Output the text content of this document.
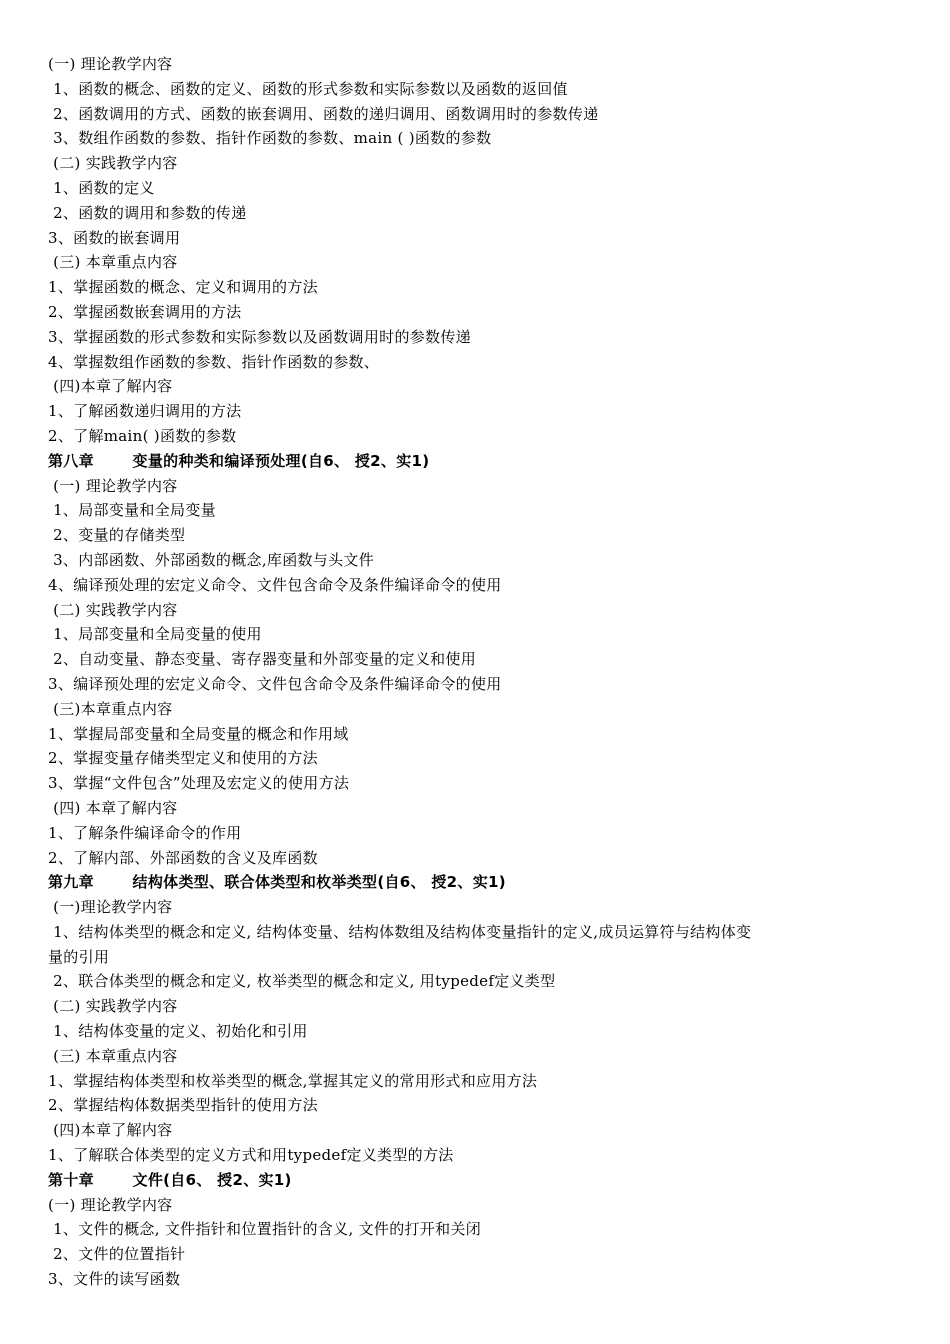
(一) 理论教学内容
1、函数的概念、函数的定义、函数的形式参数和实际参数以及函数的返回值
2、函数调用的方式、函数的嵌套调用、函数的递归调用、函数调用时的参数传递
3、数组作函数的参数、指针作函数的参数、main ( )函数的参数
(二) 实践教学内容
1、函数的定义
2、函数的调用和参数的传递
3、函数的嵌套调用
(三) 本章重点内容
1、掌握函数的概念、定义和调用的方法
2、掌握函数嵌套调用的方法
3、掌握函数的形式参数和实际参数以及函数调用时的参数传递
4、掌握数组作函数的参数、指针作函数的参数、
(四)本章了解内容
1、了解函数递归调用的方法
2、了解main( )函数的参数
第八章       变量的种类和编译预处理(自6、 授2、实1)
(一) 理论教学内容
1、局部变量和全局变量
2、变量的存储类型
3、内部函数、外部函数的概念,库函数与头文件
4、编译预处理的宏定义命令、文件包含命令及条件编译命令的使用
(二) 实践教学内容
1、局部变量和全局变量的使用
2、自动变量、静态变量、寄存器变量和外部变量的定义和使用
3、编译预处理的宏定义命令、文件包含命令及条件编译命令的使用
(三)本章重点内容
1、掌握局部变量和全局变量的概念和作用域
2、掌握变量存储类型定义和使用的方法
3、掌握“文件包含”处理及宏定义的使用方法
(四) 本章了解内容
1、了解条件编译命令的作用
2、了解内部、外部函数的含义及库函数
第九章       结构体类型、联合体类型和枚举类型(自6、 授2、实1)
(一)理论教学内容
1、结构体类型的概念和定义, 结构体变量、结构体数组及结构体变量指针的定义,成员运算符与结构体变
量的引用
2、联合体类型的概念和定义, 枚举类型的概念和定义, 用typedef定义类型
(二) 实践教学内容
1、结构体变量的定义、初始化和引用
(三) 本章重点内容
1、掌握结构体类型和枚举类型的概念,掌握其定义的常用形式和应用方法
2、掌握结构体数据类型指针的使用方法
(四)本章了解内容
1、了解联合体类型的定义方式和用typedef定义类型的方法
第十章       文件(自6、 授2、实1)
(一) 理论教学内容
1、文件的概念, 文件指针和位置指针的含义, 文件的打开和关闭
2、文件的位置指针
3、文件的读写函数
